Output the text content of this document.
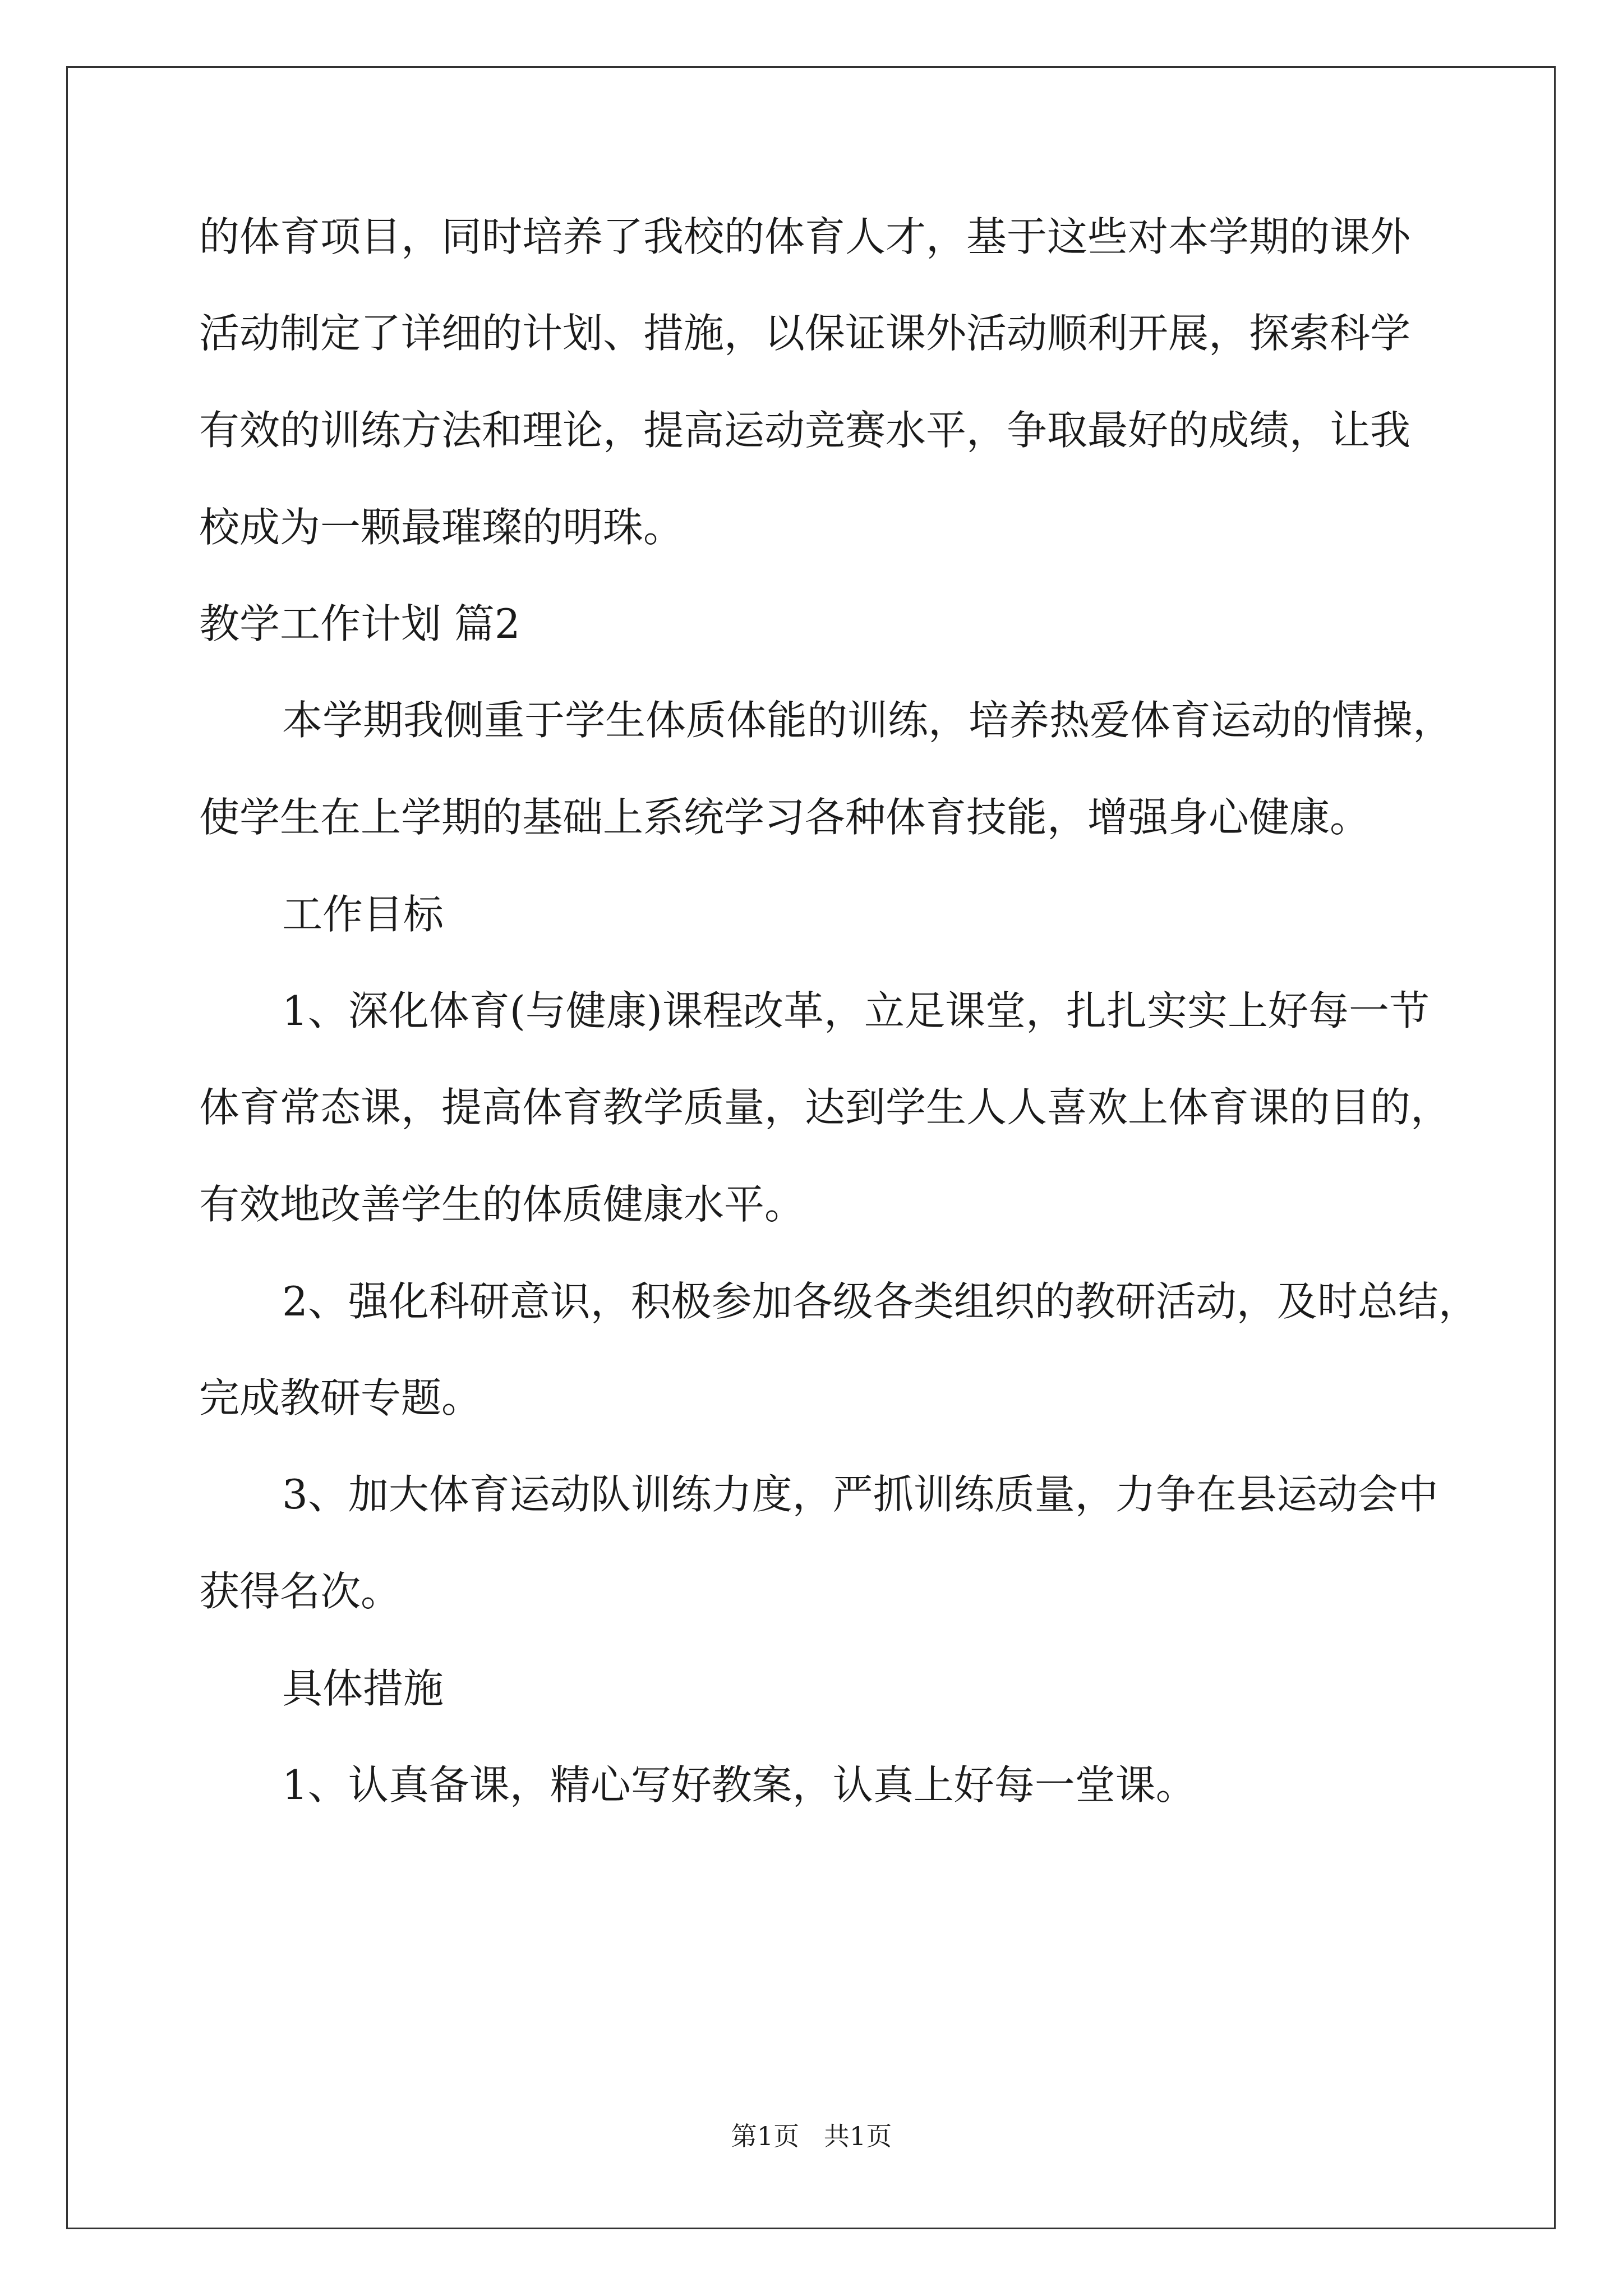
的体育项目，同时培养了我校的体育人才，基于这些对本学期的课外
活动制定了详细的计划、措施，以保证课外活动顺利开展，探索科学
有效的训练方法和理论，提高运动竞赛水平，争取最好的成绩，让我
校成为一颗最璀璨的明珠。
教学工作计划 篇2
本学期我侧重于学生体质体能的训练，培养热爱体育运动的情操，
使学生在上学期的基础上系统学习各种体育技能，增强身心健康。
工作目标
1、深化体育(与健康)课程改革，立足课堂，扎扎实实上好每一节
体育常态课，提高体育教学质量，达到学生人人喜欢上体育课的目的，
有效地改善学生的体质健康水平。
2、强化科研意识，积极参加各级各类组织的教研活动，及时总结，
完成教研专题。
3、加大体育运动队训练力度，严抓训练质量，力争在县运动会中
获得名次。
具体措施
1、认真备课，精心写好教案，认真上好每一堂课。
第1页   共1页
